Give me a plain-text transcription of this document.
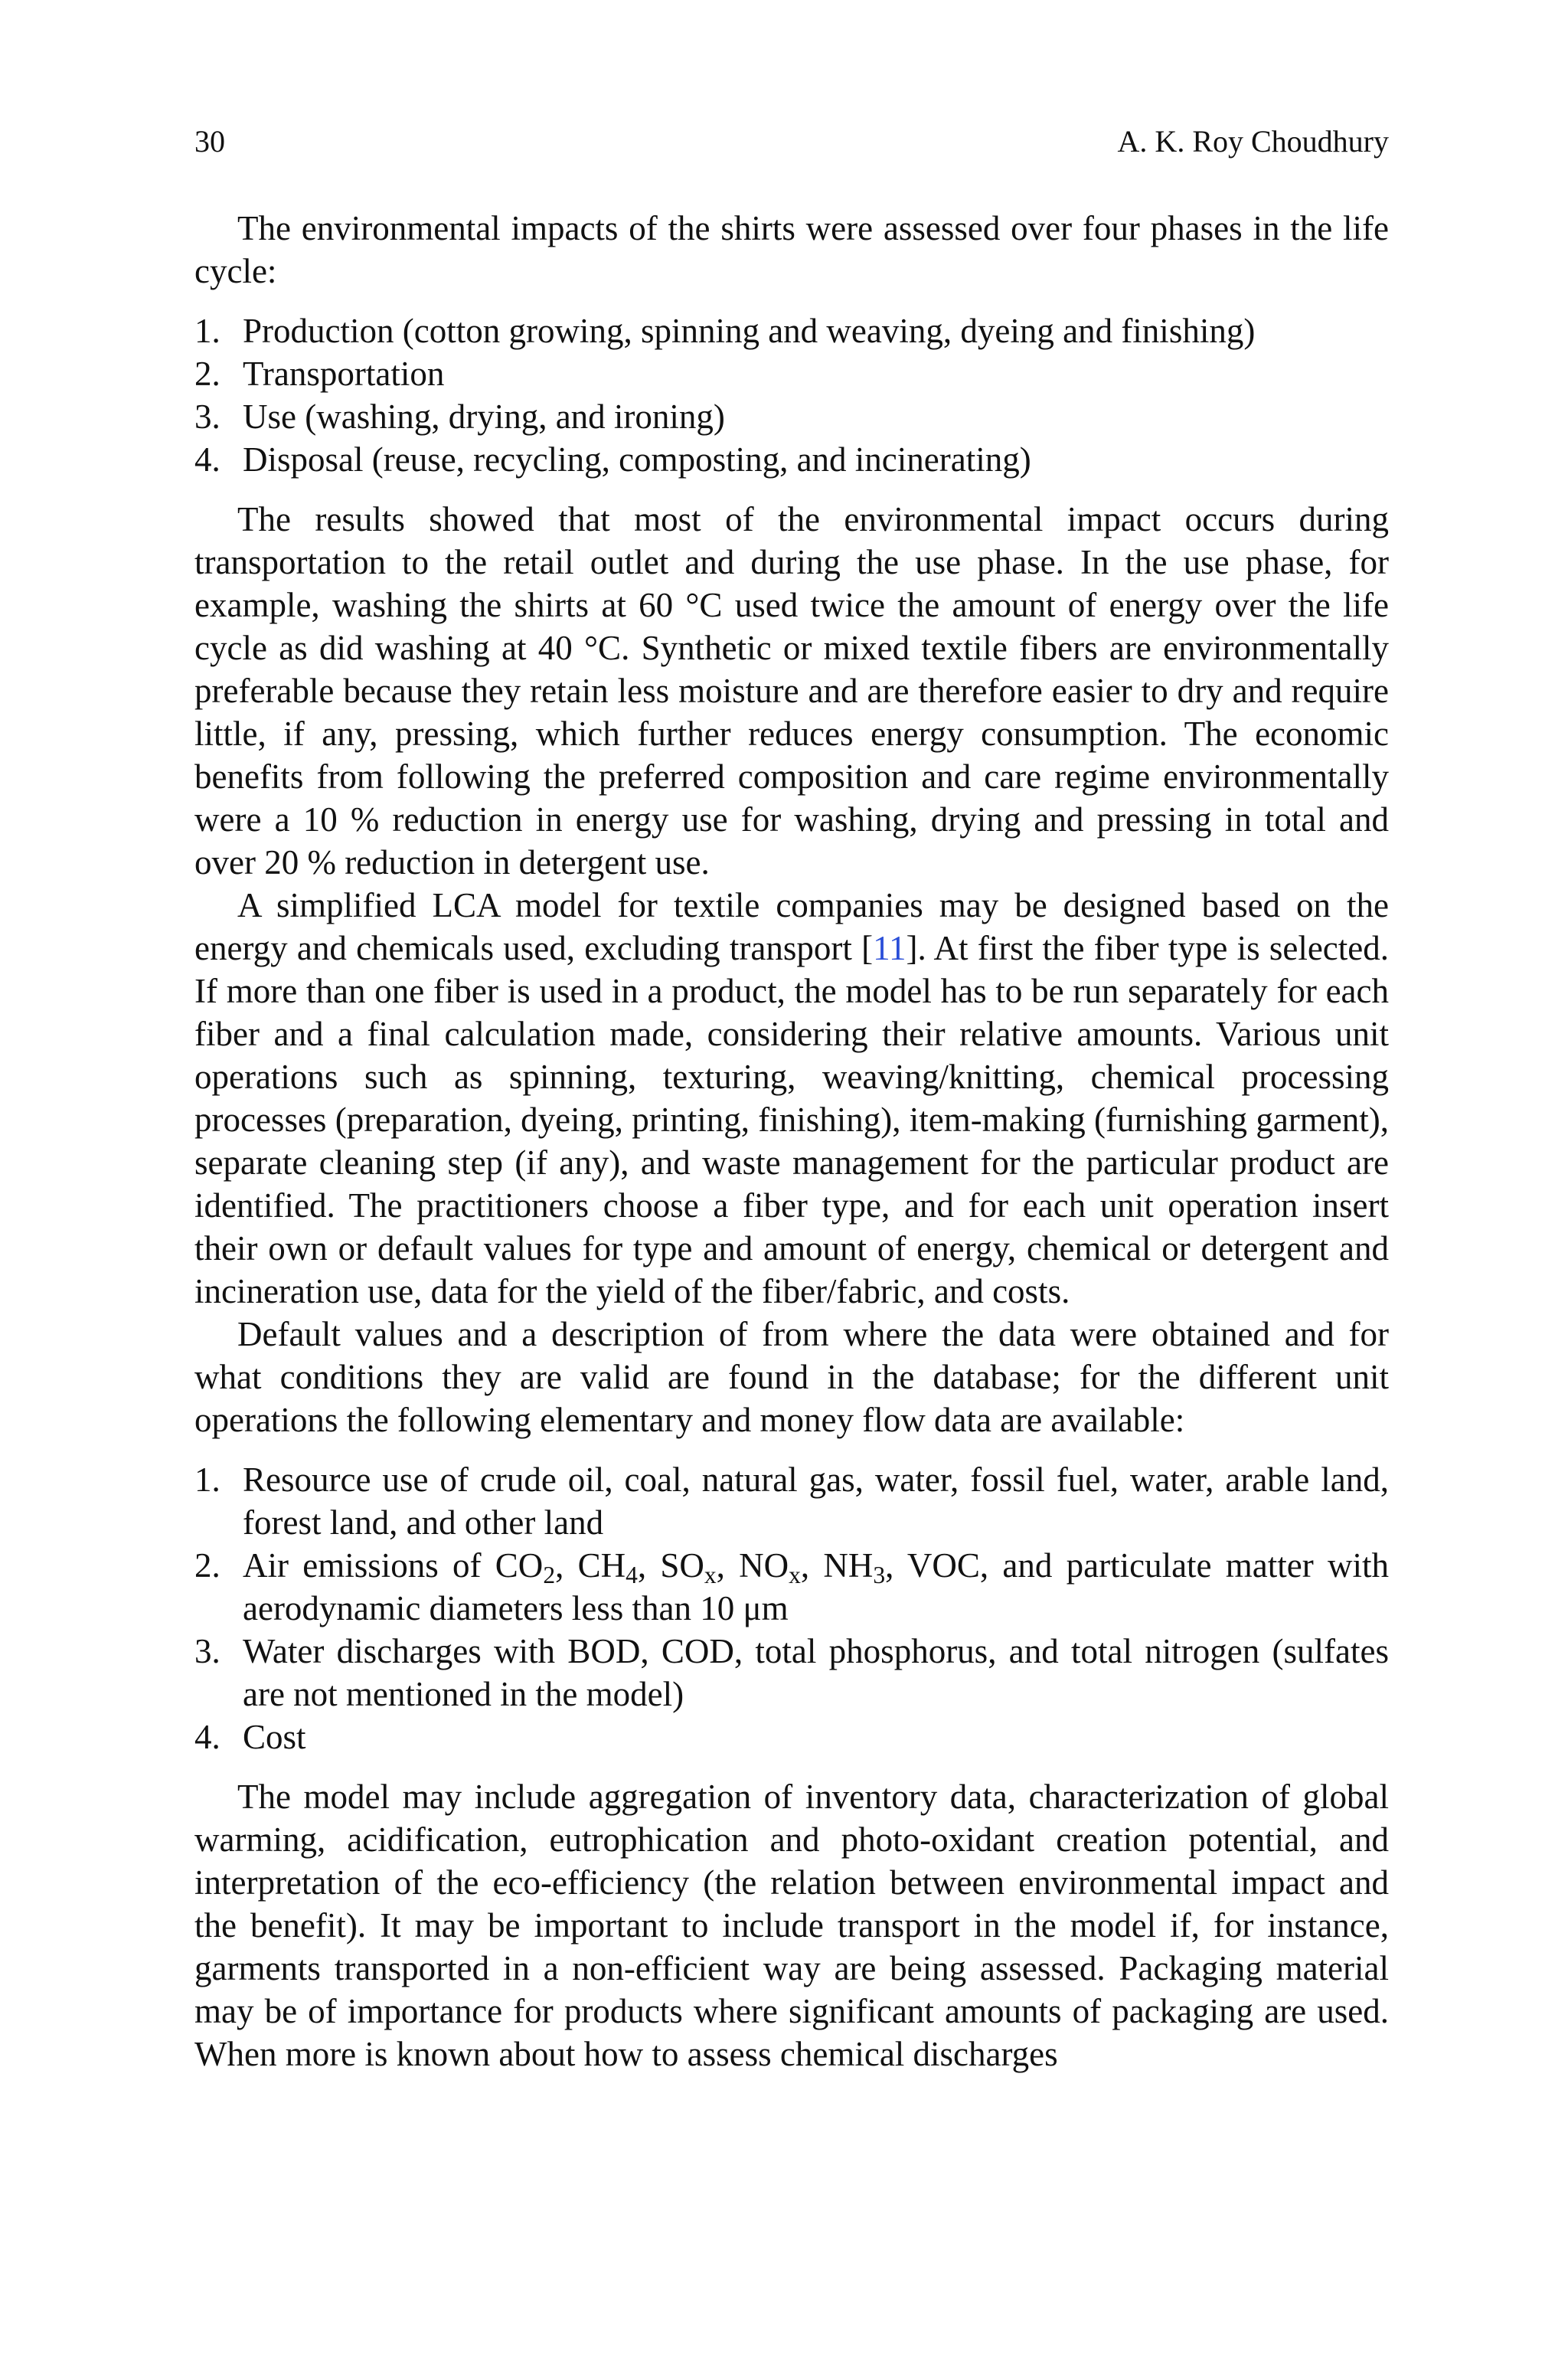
30	A. K. Roy Choudhury

The environmental impacts of the shirts were assessed over four phases in the life cycle:

1. Production (cotton growing, spinning and weaving, dyeing and finishing)
2. Transportation
3. Use (washing, drying, and ironing)
4. Disposal (reuse, recycling, composting, and incinerating)

The results showed that most of the environmental impact occurs during transportation to the retail outlet and during the use phase. In the use phase, for example, washing the shirts at 60 °C used twice the amount of energy over the life cycle as did washing at 40 °C. Synthetic or mixed textile fibers are environmentally preferable because they retain less moisture and are therefore easier to dry and require little, if any, pressing, which further reduces energy consumption. The economic benefits from following the preferred composition and care regime environmentally were a 10 % reduction in energy use for washing, drying and pressing in total and over 20 % reduction in detergent use.

A simplified LCA model for textile companies may be designed based on the energy and chemicals used, excluding transport [11]. At first the fiber type is selected. If more than one fiber is used in a product, the model has to be run separately for each fiber and a final calculation made, considering their relative amounts. Various unit operations such as spinning, texturing, weaving/knitting, chemical processing processes (preparation, dyeing, printing, finishing), item-making (furnishing garment), separate cleaning step (if any), and waste management for the particular product are identified. The practitioners choose a fiber type, and for each unit operation insert their own or default values for type and amount of energy, chemical or detergent and incineration use, data for the yield of the fiber/fabric, and costs.

Default values and a description of from where the data were obtained and for what conditions they are valid are found in the database; for the different unit operations the following elementary and money flow data are available:

1. Resource use of crude oil, coal, natural gas, water, fossil fuel, water, arable land, forest land, and other land
2. Air emissions of $CO_2$, $CH_4$, $SO_x$, $NO_x$, $NH_3$, VOC, and particulate matter with aerodynamic diameters less than 10 μm
3. Water discharges with BOD, COD, total phosphorus, and total nitrogen (sulfates are not mentioned in the model)
4. Cost

The model may include aggregation of inventory data, characterization of global warming, acidification, eutrophication and photo-oxidant creation potential, and interpretation of the eco-efficiency (the relation between environmental impact and the benefit). It may be important to include transport in the model if, for instance, garments transported in a non-efficient way are being assessed. Packaging material may be of importance for products where significant amounts of packaging are used. When more is known about how to assess chemical discharges
